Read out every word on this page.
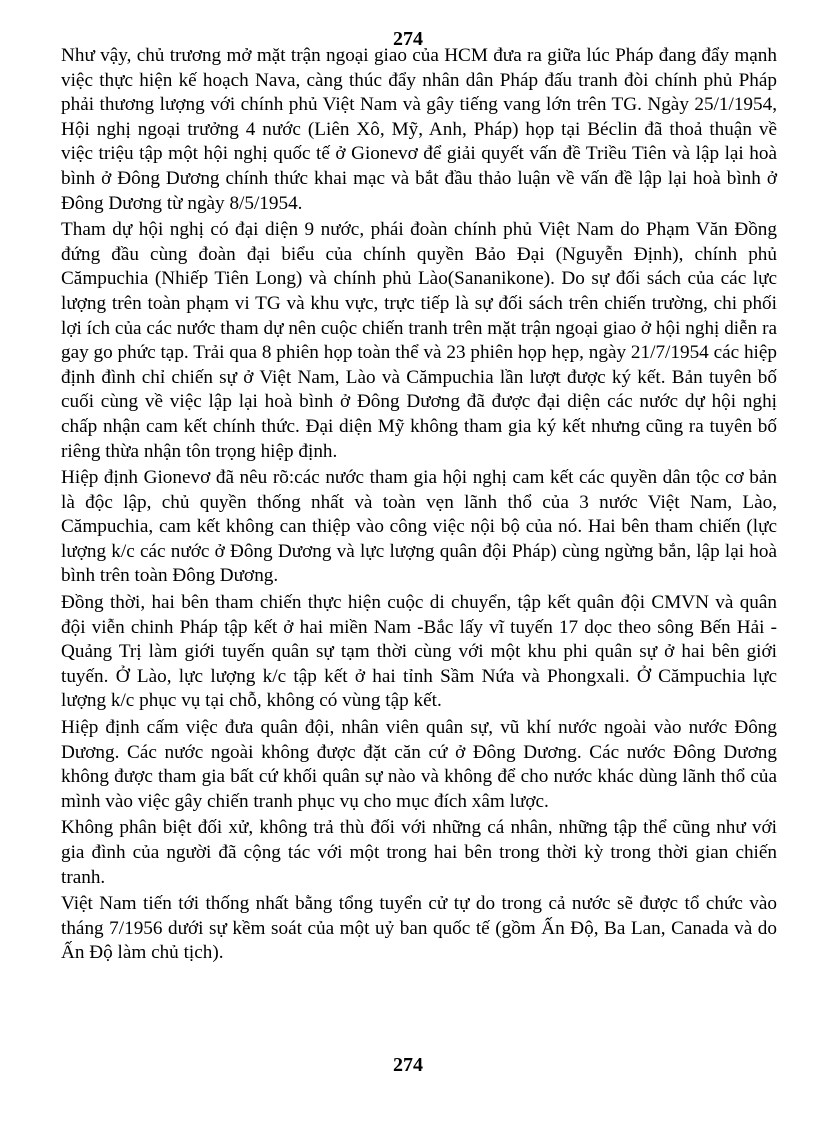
274

Như vậy, chủ trương mở mặt trận ngoại giao của HCM đưa ra giữa lúc Pháp đang đẩy mạnh việc thực hiện kế hoạch Nava, càng thúc đẩy nhân dân Pháp đấu tranh đòi chính phủ Pháp phải thương lượng với chính phủ Việt Nam và gây tiếng vang lớn trên TG. Ngày 25/1/1954, Hội nghị ngoại trưởng 4 nước (Liên Xô, Mỹ, Anh, Pháp) họp tại Béclin đã thoả thuận về việc triệu tập một hội nghị quốc tế ở Gionevơ để giải quyết vấn đề Triều Tiên và lập lại hoà bình ở Đông Dương chính thức khai mạc và bắt đầu thảo luận về vấn đề lập lại hoà bình ở Đông Dương từ ngày 8/5/1954.

Tham dự hội nghị có đại diện 9 nước, phái đoàn chính phủ Việt Nam do Phạm Văn Đồng đứng đầu cùng đoàn đại biểu của chính quyền Bảo Đại (Nguyễn Định), chính phủ Cămpuchia (Nhiếp Tiên Long) và chính phủ Lào(Sananikone). Do sự đối sách của các lực lượng trên toàn phạm vi TG và khu vực, trực tiếp là sự đối sách trên chiến trường, chi phối lợi ích của các nước tham dự nên cuộc chiến tranh trên mặt trận ngoại giao ở hội nghị diễn ra gay go phức tạp. Trải qua 8 phiên họp toàn thể và 23 phiên họp hẹp, ngày 21/7/1954 các hiệp định đình chỉ chiến sự ở Việt Nam, Lào và Cămpuchia lần lượt được ký kết. Bản tuyên bố cuối cùng về việc lập lại hoà bình ở Đông Dương đã được đại diện các nước dự hội nghị chấp nhận cam kết chính thức. Đại diện Mỹ không tham gia ký kết nhưng cũng ra tuyên bố riêng thừa nhận tôn trọng hiệp định.

Hiệp định Gionevơ đã nêu rõ:các nước tham gia hội nghị cam kết các quyền dân tộc cơ bản là độc lập, chủ quyền thống nhất và toàn vẹn lãnh thổ của 3 nước Việt Nam, Lào, Cămpuchia, cam kết không can thiệp vào công việc nội bộ của nó. Hai bên tham chiến (lực lượng k/c các nước ở Đông Dương và lực lượng quân đội Pháp) cùng ngừng bắn, lập lại hoà bình trên toàn Đông Dương.

Đồng thời, hai bên tham chiến thực hiện cuộc di chuyển, tập kết quân đội CMVN và quân đội viễn chinh Pháp tập kết ở hai miền Nam -Bắc lấy vĩ tuyến 17 dọc theo sông Bến Hải -Quảng Trị làm giới tuyến quân sự tạm thời cùng với một khu phi quân sự ở hai bên giới tuyến. Ở Lào, lực lượng k/c tập kết ở hai tỉnh Sầm Nứa và Phongxali. Ở Cămpuchia lực lượng k/c phục vụ tại chỗ, không có vùng tập kết.

Hiệp định cấm việc đưa quân đội, nhân viên quân sự, vũ khí nước ngoài vào nước Đông Dương. Các nước ngoài không được đặt căn cứ ở Đông Dương. Các nước Đông Dương không được tham gia bất cứ khối quân sự nào và không để cho nước khác dùng lãnh thổ của mình vào việc gây chiến tranh phục vụ cho mục đích xâm lược.

Không phân biệt đối xử, không trả thù đối với những cá nhân, những tập thể cũng như với gia đình của người đã cộng tác với một trong hai bên trong thời kỳ trong thời gian chiến tranh.

Việt Nam tiến tới thống nhất bằng tổng tuyển cử tự do trong cả nước sẽ được tổ chức vào tháng 7/1956 dưới sự kềm soát của một uỷ ban quốc tế (gồm Ấn Độ, Ba Lan, Canada và do Ấn Độ làm chủ tịch).

274
